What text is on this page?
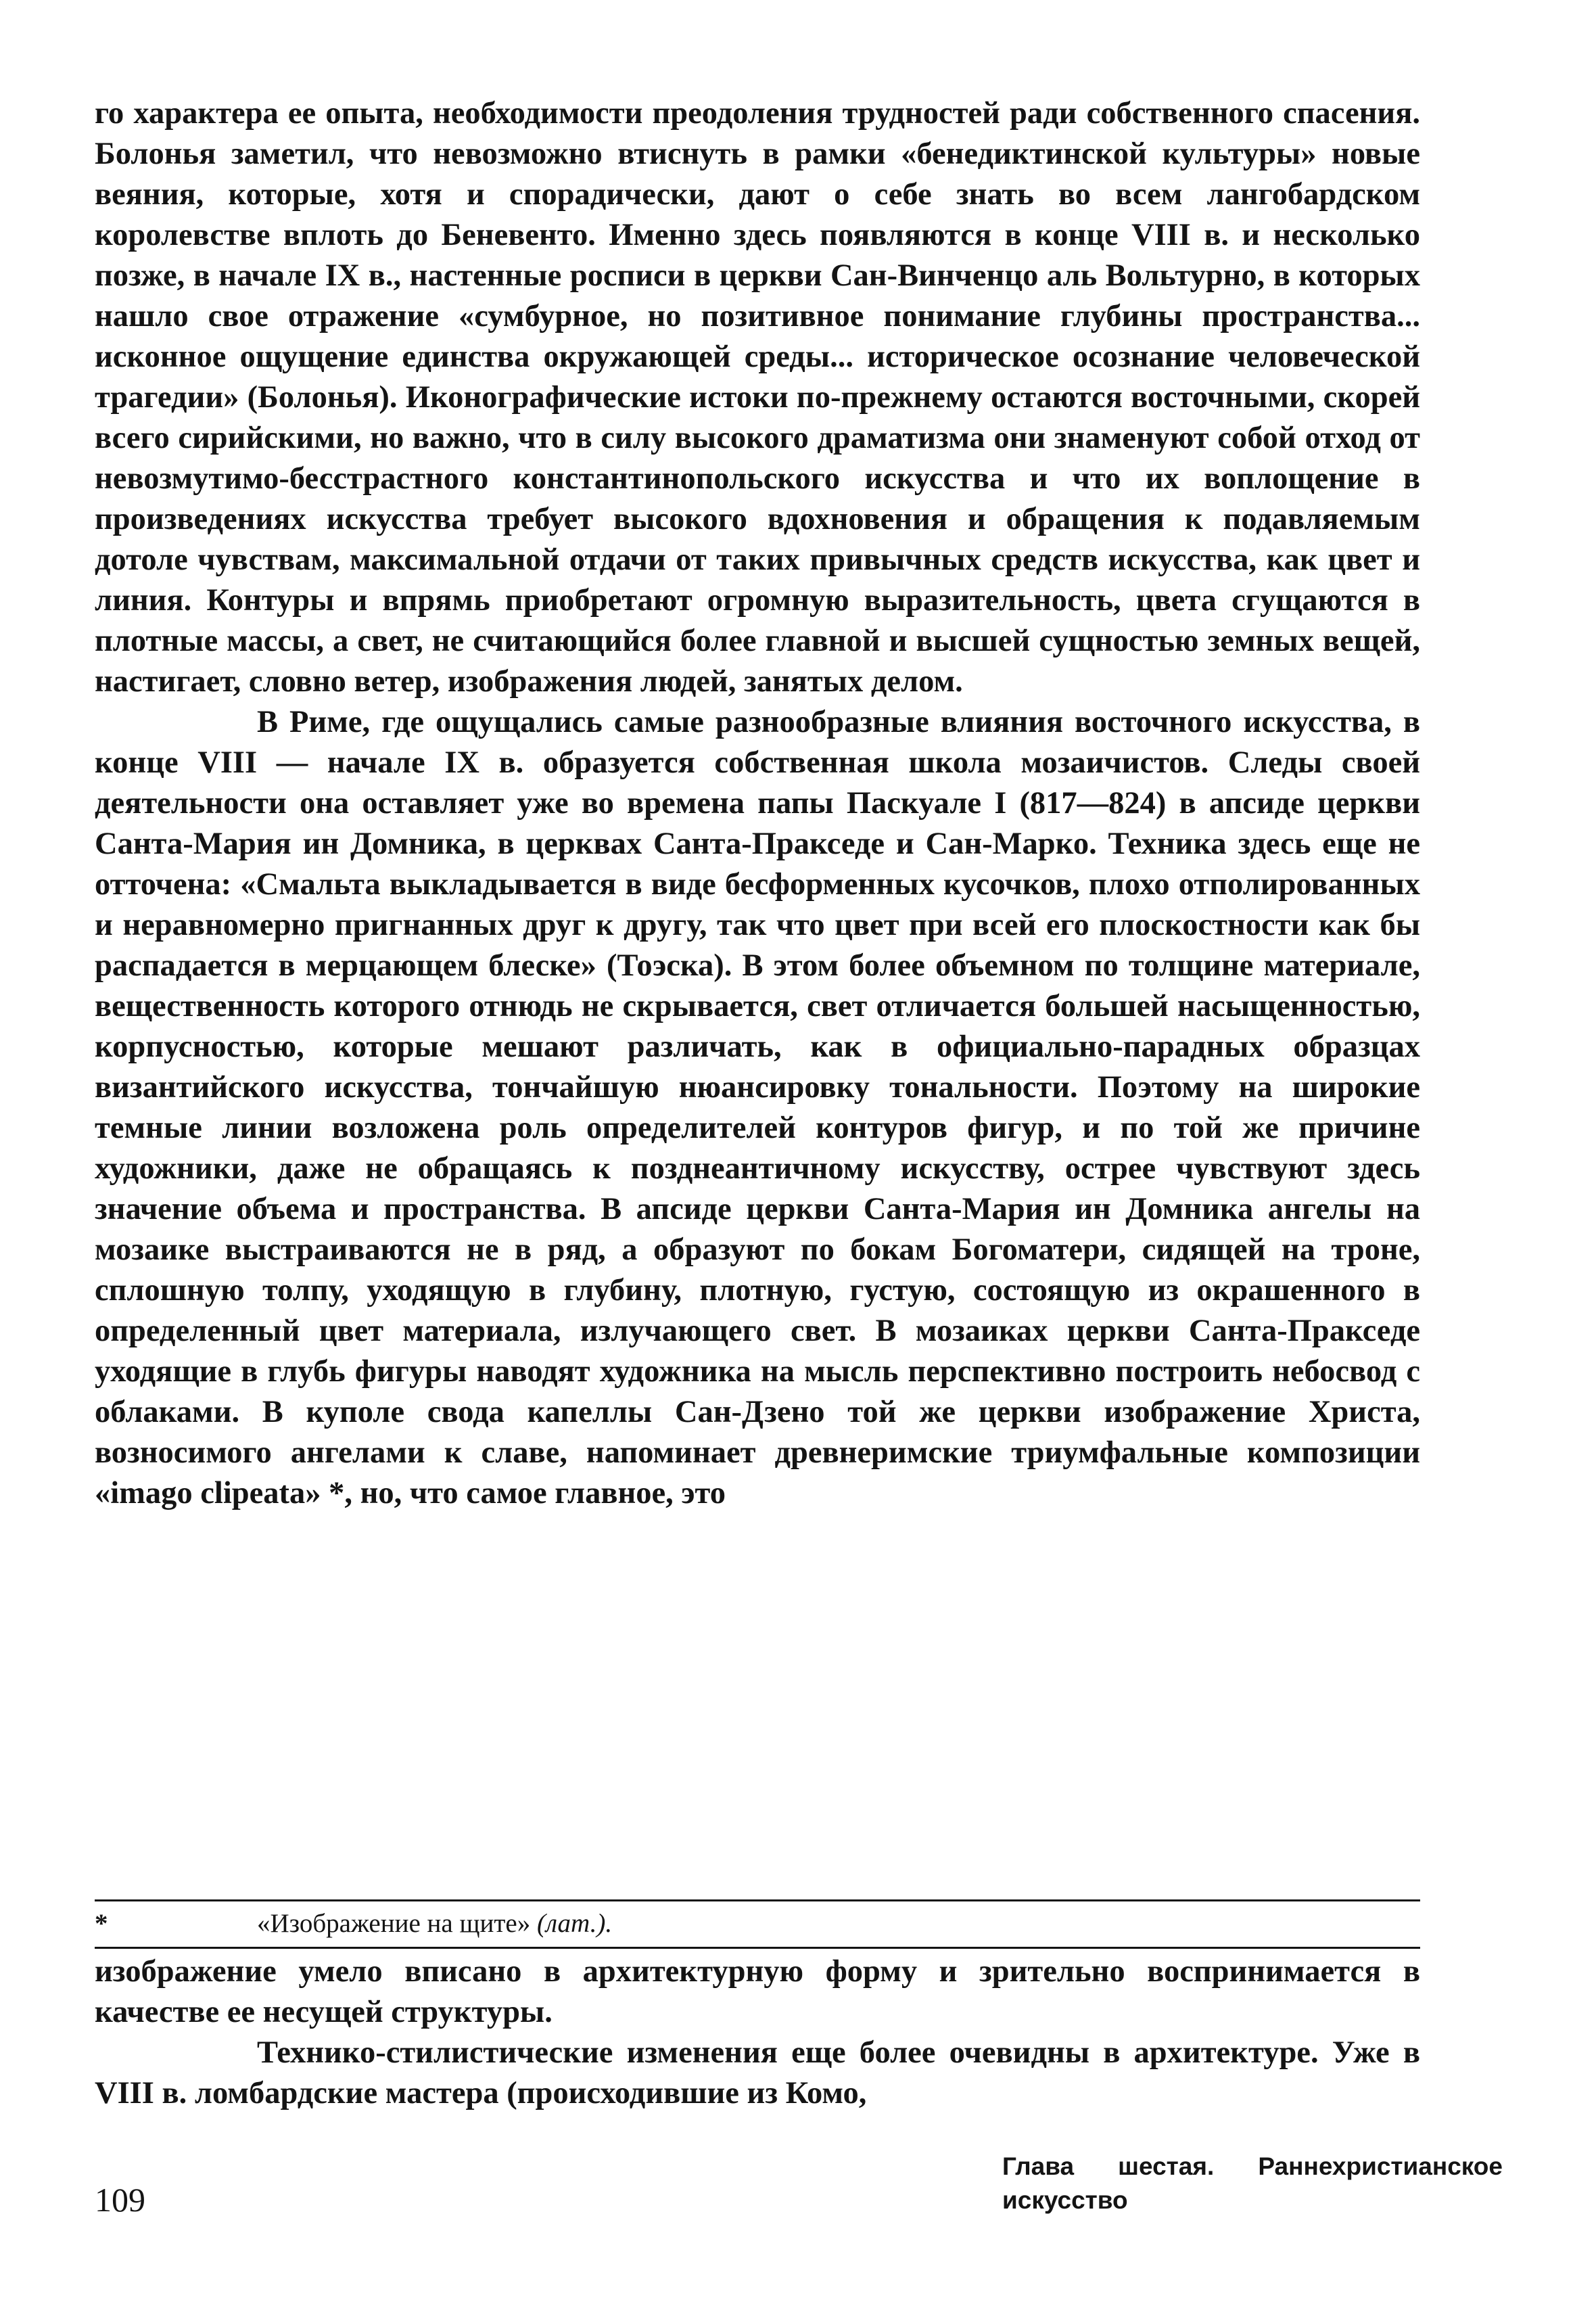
го характера ее опыта, необходимости преодоления трудностей ради собственного спасения. Болонья заметил, что невозможно втиснуть в рамки «бенедиктинской культуры» новые веяния, которые, хотя и спорадически, дают о себе знать во всем лангобардском королевстве вплоть до Беневенто. Именно здесь появляются в конце VIII в. и несколько позже, в начале IX в., настенные росписи в церкви Сан-Винченцо аль Вольтурно, в которых нашло свое отражение «сумбурное, но позитивное понимание глубины пространства... исконное ощущение единства окружающей среды... историческое осознание человеческой трагедии» (Болонья). Иконографические истоки по-прежнему остаются восточными, скорей всего сирийскими, но важно, что в силу высокого драматизма они знаменуют собой отход от невозмутимо-бесстрастного константинопольского искусства и что их воплощение в произведениях искусства требует высокого вдохновения и обращения к подавляемым дотоле чувствам, максимальной отдачи от таких привычных средств искусства, как цвет и линия. Контуры и впрямь приобретают огромную выразительность, цвета сгущаются в плотные массы, а свет, не считающийся более главной и высшей сущностью земных вещей, настигает, словно ветер, изображения людей, занятых делом.

В Риме, где ощущались самые разнообразные влияния восточного искусства, в конце VIII — начале IX в. образуется собственная школа мозаичистов. Следы своей деятельности она оставляет уже во времена папы Паскуале I (817—824) в апсиде церкви Санта-Мария ин Домника, в церквах Санта-Пракседе и Сан-Марко. Техника здесь еще не отточена: «Смальта выкладывается в виде бесформенных кусочков, плохо отполированных и неравномерно пригнанных друг к другу, так что цвет при всей его плоскостности как бы распадается в мерцающем блеске» (Тоэска). В этом более объемном по толщине материале, вещественность которого отнюдь не скрывается, свет отличается большей насыщенностью, корпусностью, которые мешают различать, как в официально-парадных образцах византийского искусства, тончайшую нюансировку тональности. Поэтому на широкие темные линии возложена роль определителей контуров фигур, и по той же причине художники, даже не обращаясь к позднеантичному искусству, острее чувствуют здесь значение объема и пространства. В апсиде церкви Санта-Мария ин Домника ангелы на мозаике выстраиваются не в ряд, а образуют по бокам Богоматери, сидящей на троне, сплошную толпу, уходящую в глубину, плотную, густую, состоящую из окрашенного в определенный цвет материала, излучающего свет. В мозаиках церкви Санта-Пракседе уходящие в глубь фигуры наводят художника на мысль перспективно построить небосвод с облаками. В куполе свода капеллы Сан-Дзено той же церкви изображение Христа, возносимого ангелами к славе, напоминает древнеримские триумфальные композиции «imago clipeata» *, но, что самое главное, это

*	«Изображение на щите» (лат.).

изображение умело вписано в архитектурную форму и зрительно воспринимается в качестве ее несущей структуры.

Технико-стилистические изменения еще более очевидны в архитектуре. Уже в VIII в. ломбардские мастера (происходившие из Комо,

109
Глава шестая. Раннехристианское
искусство
